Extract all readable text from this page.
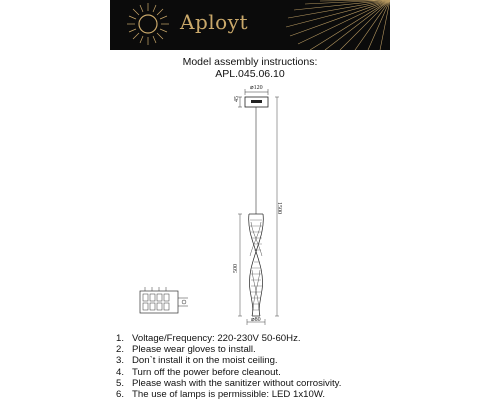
Aployt
Model assembly instructions:
APL.045.06.10
⌀120
45
1500
500
⌀80
1. Voltage/Frequency: 220-230V 50-60Hz.
2. Please wear gloves to install.
3. Don`t install it on the moist ceiling.
4. Turn off the power before cleanout.
5. Please wash with the sanitizer without corrosivity.
6. The use of lamps is permissible: LED 1x10W.
